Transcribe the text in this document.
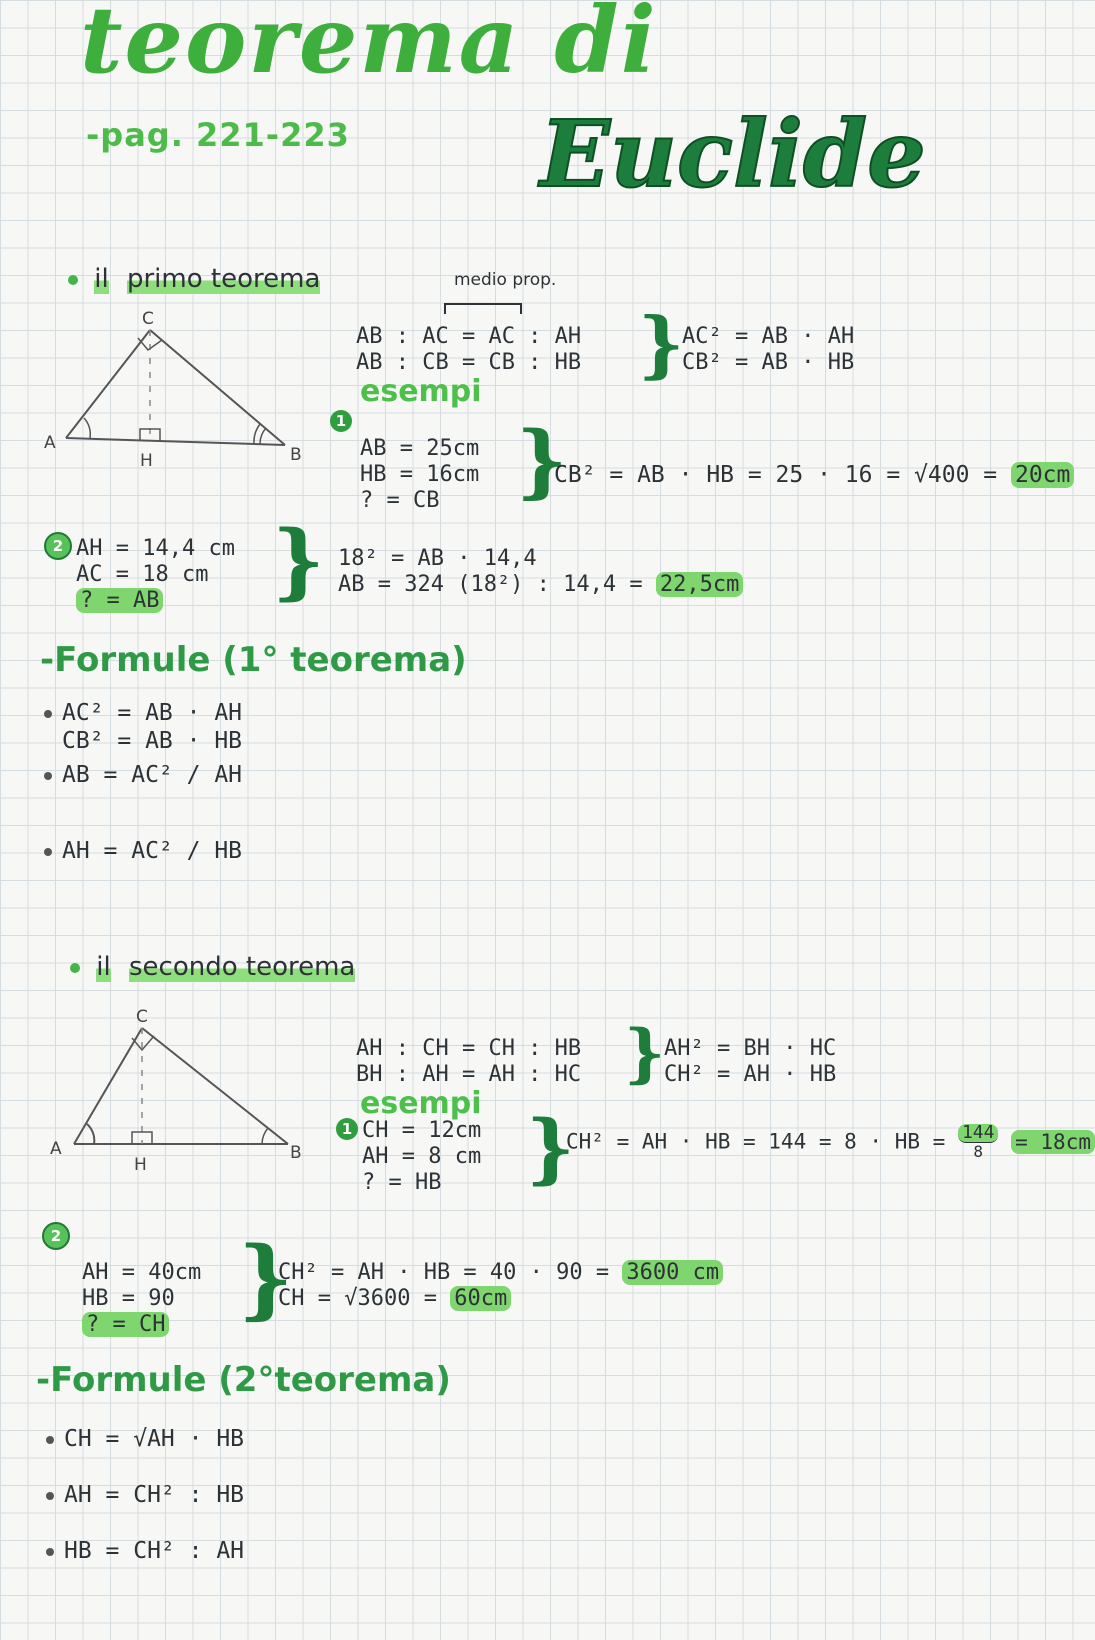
teorema di
-pag. 221-223 Euclide
il primo teorema	medio prop.
A
B
C
H
AB : AC = AC : AH
AB : CB = CB : HB }
AC² = AB · AH
CB² = AB · HB
esempi
1
AB = 25cm
HB = 16cm
? = CB }
CB² = AB · HB = 25 · 16 = √400 = 20cm
2 AH = 14,4 cm
AC = 18 cm
? = AB	} 18² = AB · 14,4
AB = 324 (18²) : 14,4 = 22,5cm
-Formule (1° teorema)
AC² = AB · AH
CB² = AB · HB
AB = AC² / AH
AH = AC² / HB
il secondo teorema
A	B
C
H
AH : CH = CH : HB
BH : AH = AH : HC }
AH² = BH · HC
CH² = AH · HB
esempi
1 CH = 12cm
AH = 8 cm
? = HB	}
CH² = AH · HB = 144 = 8 · HB = $\frac{144}{8} = 18cm$
2
AH = 40cm
HB = 90
? = CH }
CH² = AH · HB = 40 · 90 = 3600 cm
CH = √3600 = 60cm
-Formule (2°teorema)
CH = √AH · HB
AH = CH² : HB
HB = CH² : AH
